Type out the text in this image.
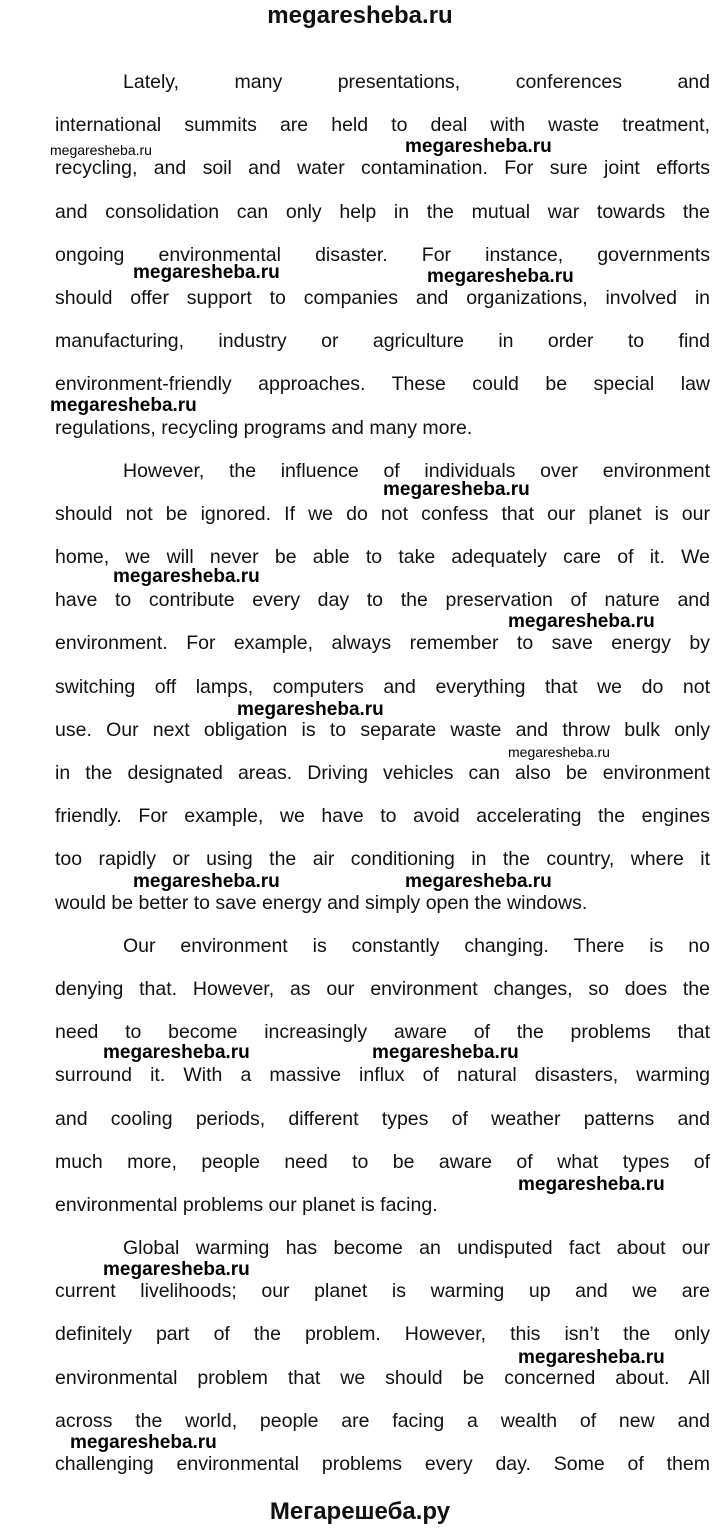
megaresheba.ru
Lately, many presentations, conferences and
international summits are held to deal with waste treatment,
recycling, and soil and water contamination. For sure joint efforts
and consolidation can only help in the mutual war towards the
ongoing environmental disaster. For instance, governments
should offer support to companies and organizations, involved in
manufacturing, industry or agriculture in order to find
environment-friendly approaches. These could be special law
regulations, recycling programs and many more.
However, the influence of individuals over environment
should not be ignored. If we do not confess that our planet is our
home, we will never be able to take adequately care of it. We
have to contribute every day to the preservation of nature and
environment. For example, always remember to save energy by
switching off lamps, computers and everything that we do not
use. Our next obligation is to separate waste and throw bulk only
in the designated areas. Driving vehicles can also be environment
friendly. For example, we have to avoid accelerating the engines
too rapidly or using the air conditioning in the country, where it
would be better to save energy and simply open the windows.
Our environment is constantly changing. There is no
denying that. However, as our environment changes, so does the
need to become increasingly aware of the problems that
surround it. With a massive influx of natural disasters, warming
and cooling periods, different types of weather patterns and
much more, people need to be aware of what types of
environmental problems our planet is facing.
Global warming has become an undisputed fact about our
current livelihoods; our planet is warming up and we are
definitely part of the problem. However, this isn’t the only
environmental problem that we should be concerned about. All
across the world, people are facing a wealth of new and
challenging environmental problems every day. Some of them
megaresheba.ru	megaresheba.ru
megaresheba.ru	megaresheba.ru
megaresheba.ru
megaresheba.ru
megaresheba.ru
megaresheba.ru
megaresheba.ru
megaresheba.ru
megaresheba.ru	megaresheba.ru
megaresheba.ru	megaresheba.ru
megaresheba.ru
megaresheba.ru
megaresheba.ru
megaresheba.ru
Мегарешеба.ру
